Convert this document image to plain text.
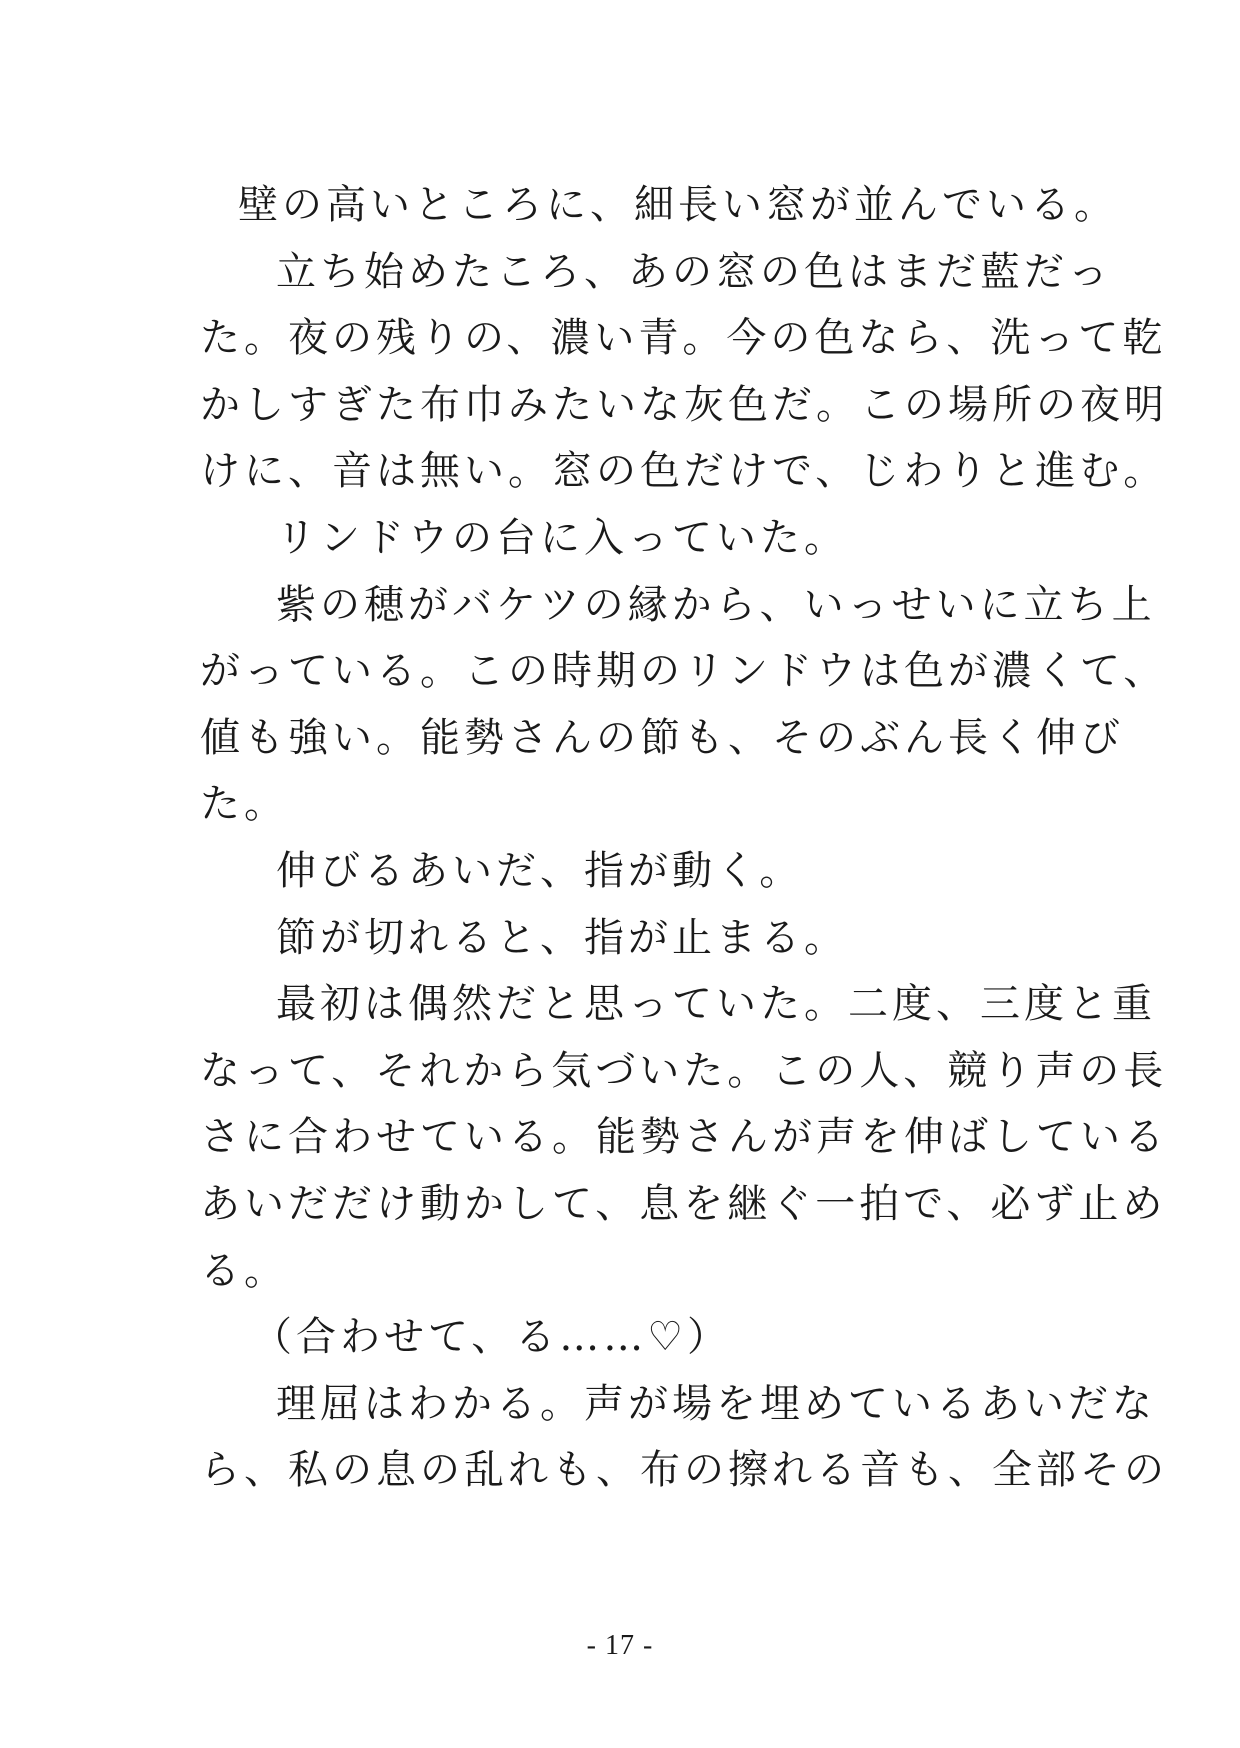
壁の高いところに、細長い窓が並んでいる。
立ち始めたころ、あの窓の色はまだ藍だっ
た。夜の残りの、濃い青。今の色なら、洗って乾
かしすぎた布巾みたいな灰色だ。この場所の夜明
けに、音は無い。窓の色だけで、じわりと進む。
リンドウの台に入っていた。
紫の穂がバケツの縁から、いっせいに立ち上
がっている。この時期のリンドウは色が濃くて、
値も強い。能勢さんの節も、そのぶん長く伸び
た。
伸びるあいだ、指が動く。
節が切れると、指が止まる。
最初は偶然だと思っていた。二度、三度と重
なって、それから気づいた。この人、競り声の長
さに合わせている。能勢さんが声を伸ばしている
あいだだけ動かして、息を継ぐ一拍で、必ず止め
る。
（合わせて、る……♡）
理屈はわかる。声が場を埋めているあいだな
ら、私の息の乱れも、布の擦れる音も、全部その
- 17 -
